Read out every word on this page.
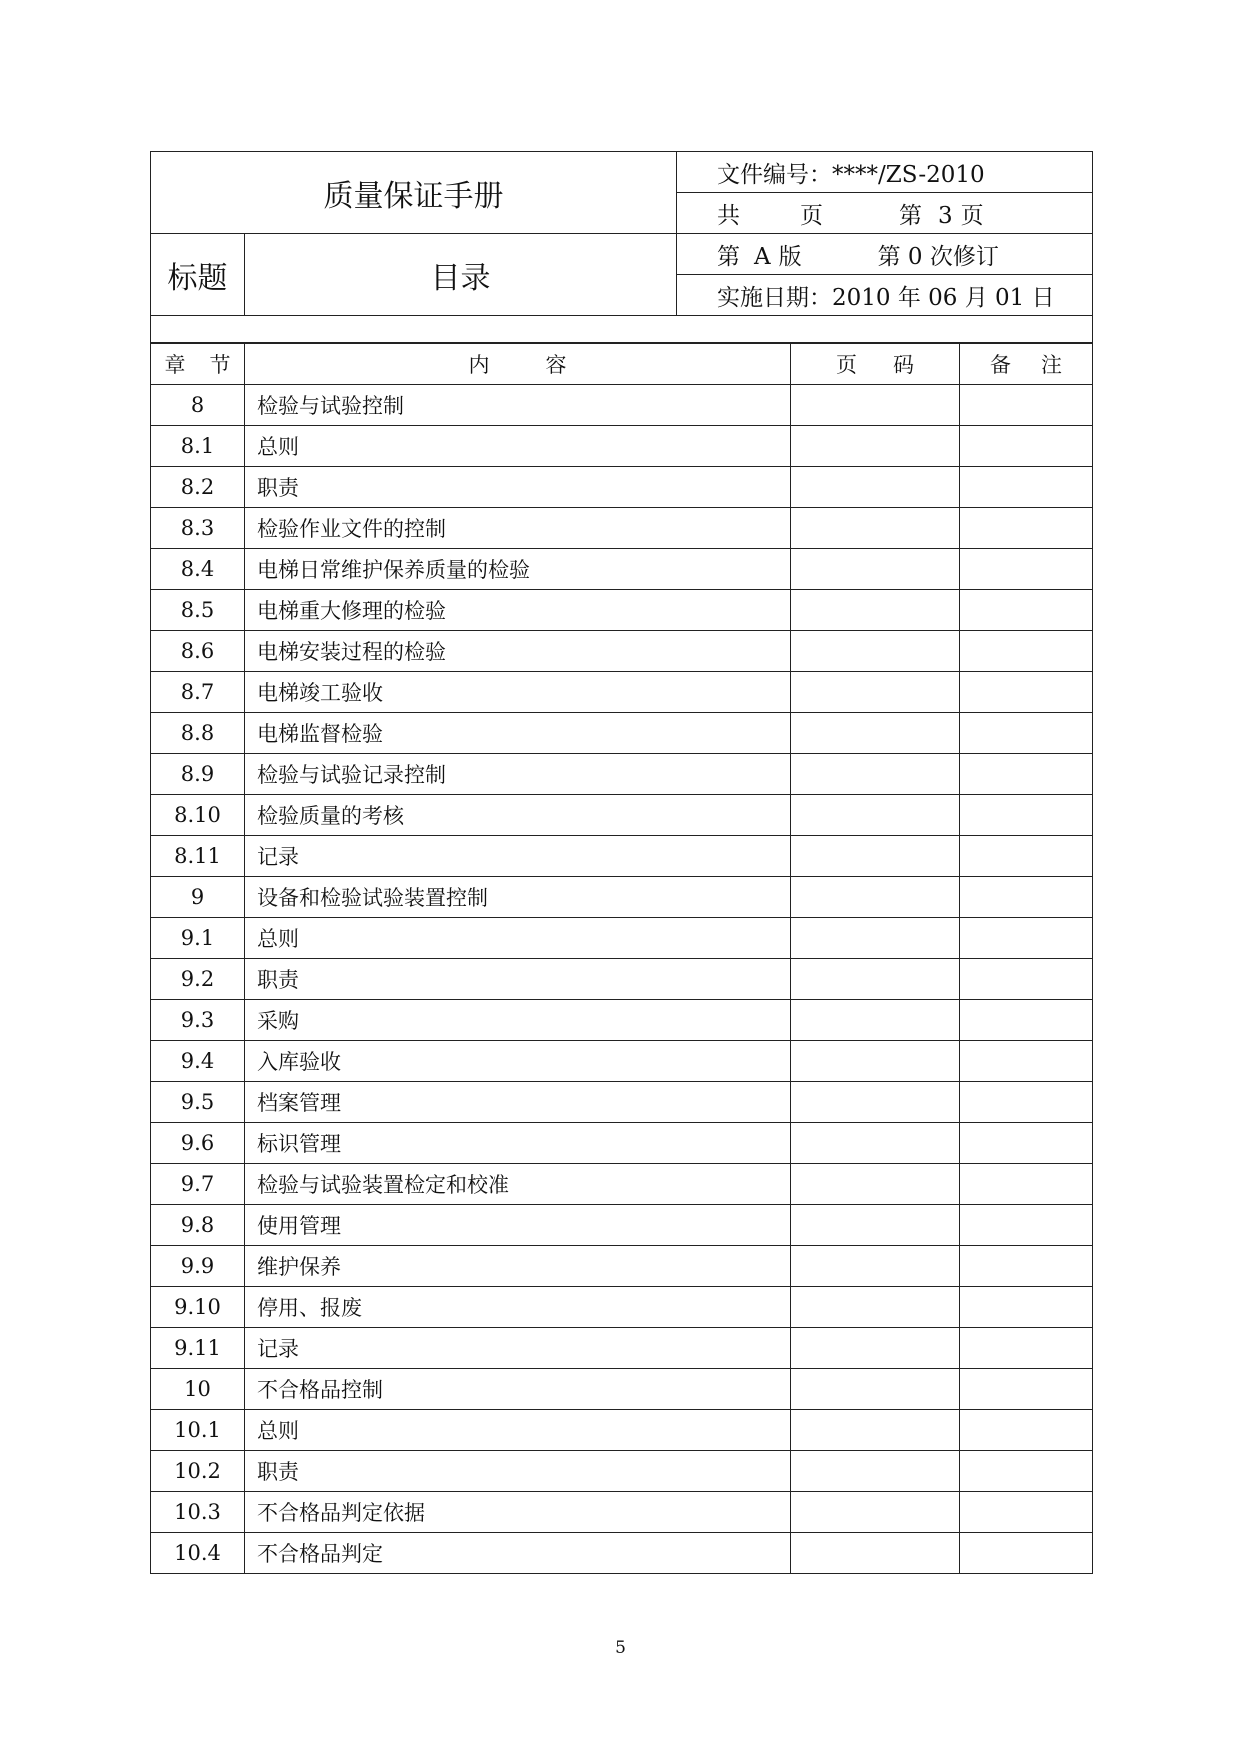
质量保证手册		文件编号：****/ZS-2010
		共 页 第 3 页
标题	目录	第 A 版 第 0 次修订
		实施日期：2010 年 06 月 01 日

章 节	内 容	页 码	备 注
8	检验与试验控制		
8.1	总则		
8.2	职责		
8.3	检验作业文件的控制		
8.4	电梯日常维护保养质量的检验		
8.5	电梯重大修理的检验		
8.6	电梯安装过程的检验		
8.7	电梯竣工验收		
8.8	电梯监督检验		
8.9	检验与试验记录控制		
8.10	检验质量的考核		
8.11	记录		
9	设备和检验试验装置控制		
9.1	总则		
9.2	职责		
9.3	采购		
9.4	入库验收		
9.5	档案管理		
9.6	标识管理		
9.7	检验与试验装置检定和校准		
9.8	使用管理		
9.9	维护保养		
9.10	停用、报废		
9.11	记录		
10	不合格品控制		
10.1	总则		
10.2	职责		
10.3	不合格品判定依据		
10.4	不合格品判定		
5
